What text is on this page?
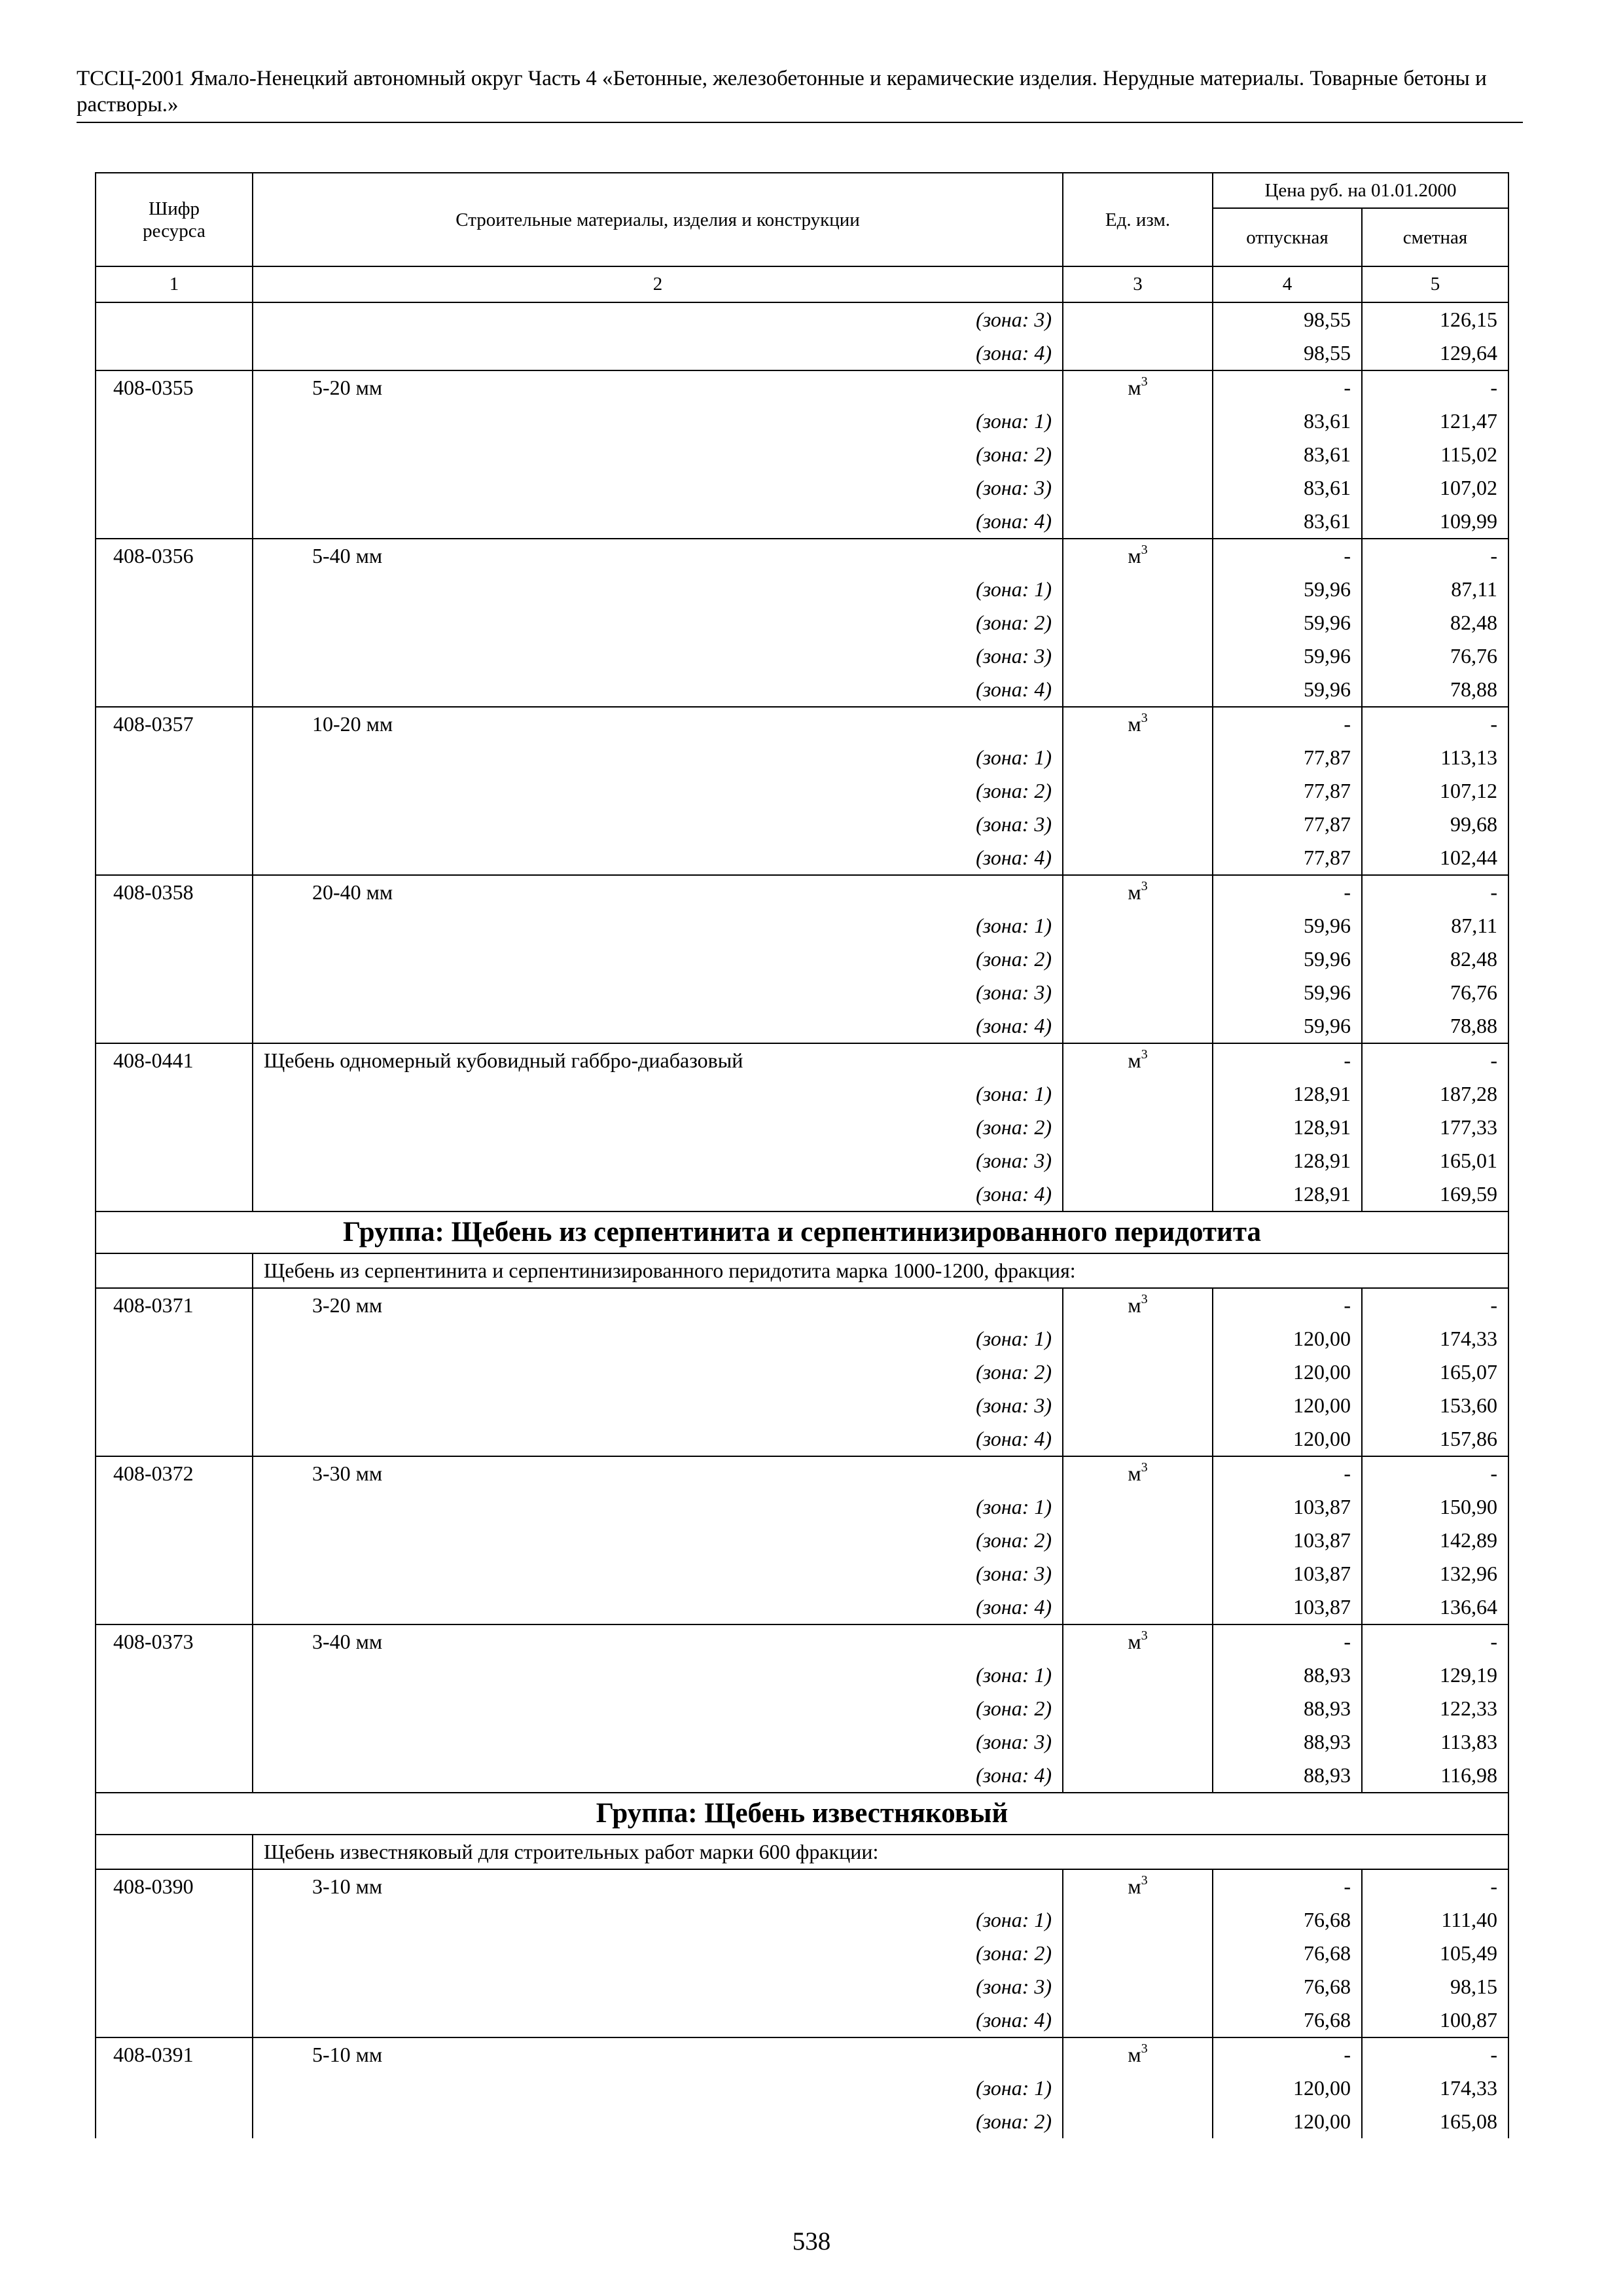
ТССЦ-2001 Ямало-Ненецкий автономный округ Часть 4 «Бетонные, железобетонные и керамические изделия. Нерудные материалы. Товарные бетоны и растворы.»
Шифр ресурса	Строительные материалы, изделия и конструкции	Ед. изм.	Цена руб. на 01.01.2000	
			отпускная	сметная
1	2	3	4	5
	(зона: 3)		98,55	126,15
	(зона: 4)		98,55	129,64
408-0355	5-20 мм	$м^3$	-	-
	(зона: 1)		83,61	121,47
	(зона: 2)		83,61	115,02
	(зона: 3)		83,61	107,02
	(зона: 4)		83,61	109,99
408-0356	5-40 мм	$м^3$	-	-
	(зона: 1)		59,96	87,11
	(зона: 2)		59,96	82,48
	(зона: 3)		59,96	76,76
	(зона: 4)		59,96	78,88
408-0357	10-20 мм	$м^3$	-	-
	(зона: 1)		77,87	113,13
	(зона: 2)		77,87	107,12
	(зона: 3)		77,87	99,68
	(зона: 4)		77,87	102,44
408-0358	20-40 мм	$м^3$	-	-
	(зона: 1)		59,96	87,11
	(зона: 2)		59,96	82,48
	(зона: 3)		59,96	76,76
	(зона: 4)		59,96	78,88
408-0441	Щебень одномерный кубовидный габбро-диабазовый	$м^3$	-	-
	(зона: 1)		128,91	187,28
	(зона: 2)		128,91	177,33
	(зона: 3)		128,91	165,01
	(зона: 4)		128,91	169,59
Группа: Щебень из серпентинита и серпентинизированного перидотита				
	Щебень из серпентинита и серпентинизированного перидотита марка 1000-1200, фракция:			
408-0371	3-20 мм	$м^3$	-	-
	(зона: 1)		120,00	174,33
	(зона: 2)		120,00	165,07
	(зона: 3)		120,00	153,60
	(зона: 4)		120,00	157,86
408-0372	3-30 мм	$м^3$	-	-
	(зона: 1)		103,87	150,90
	(зона: 2)		103,87	142,89
	(зона: 3)		103,87	132,96
	(зона: 4)		103,87	136,64
408-0373	3-40 мм	$м^3$	-	-
	(зона: 1)		88,93	129,19
	(зона: 2)		88,93	122,33
	(зона: 3)		88,93	113,83
	(зона: 4)		88,93	116,98
Группа: Щебень известняковый				
	Щебень известняковый для строительных работ марки 600 фракции:			
408-0390	3-10 мм	$м^3$	-	-
	(зона: 1)		76,68	111,40
	(зона: 2)		76,68	105,49
	(зона: 3)		76,68	98,15
	(зона: 4)		76,68	100,87
408-0391	5-10 мм	$м^3$	-	-
	(зона: 1)		120,00	174,33
	(зона: 2)		120,00	165,08
538
